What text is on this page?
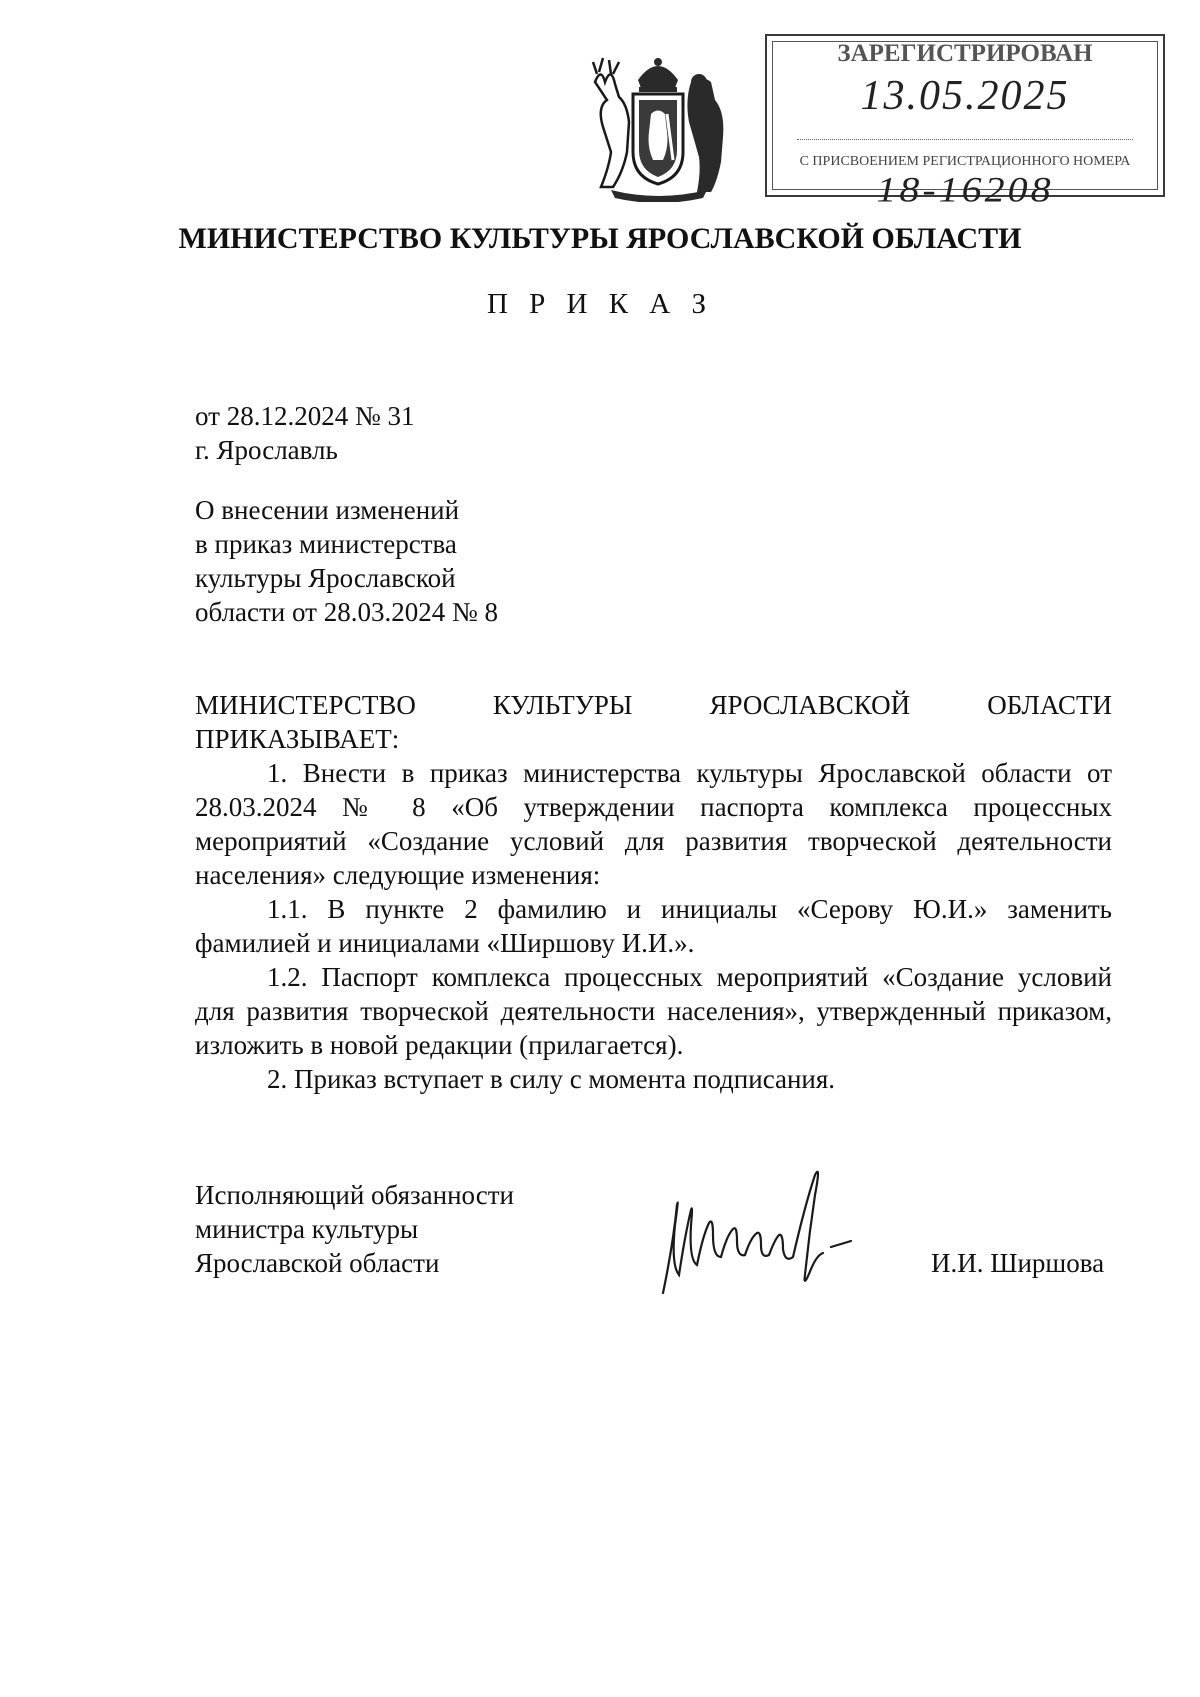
ЗАРЕГИСТРИРОВАН
13.05.2025
С ПРИСВОЕНИЕМ РЕГИСТРАЦИОННОГО НОМЕРА
18-16208
МИНИСТЕРСТВО КУЛЬТУРЫ ЯРОСЛАВСКОЙ ОБЛАСТИ
П Р И К А З
от 28.12.2024 № 31
г. Ярославль
О внесении изменений
в приказ министерства
культуры Ярославской
области от 28.03.2024 № 8

МИНИСТЕРСТВО КУЛЬТУРЫ ЯРОСЛАВСКОЙ ОБЛАСТИ

ПРИКАЗЫВАЕТ:

1. Внести в приказ министерства культуры Ярославской области от 28.03.2024 № 8 «Об утверждении паспорта комплекса процессных мероприятий «Создание условий для развития творческой деятельности населения» следующие изменения:

1.1. В пункте 2 фамилию и инициалы «Серову Ю.И.» заменить фамилией и инициалами «Ширшову И.И.».

1.2. Паспорт комплекса процессных мероприятий «Создание условий для развития творческой деятельности населения», утвержденный приказом, изложить в новой редакции (прилагается).

2. Приказ вступает в силу с момента подписания.

Исполняющий обязанности
министра культуры
Ярославской области	И.И. Ширшова
